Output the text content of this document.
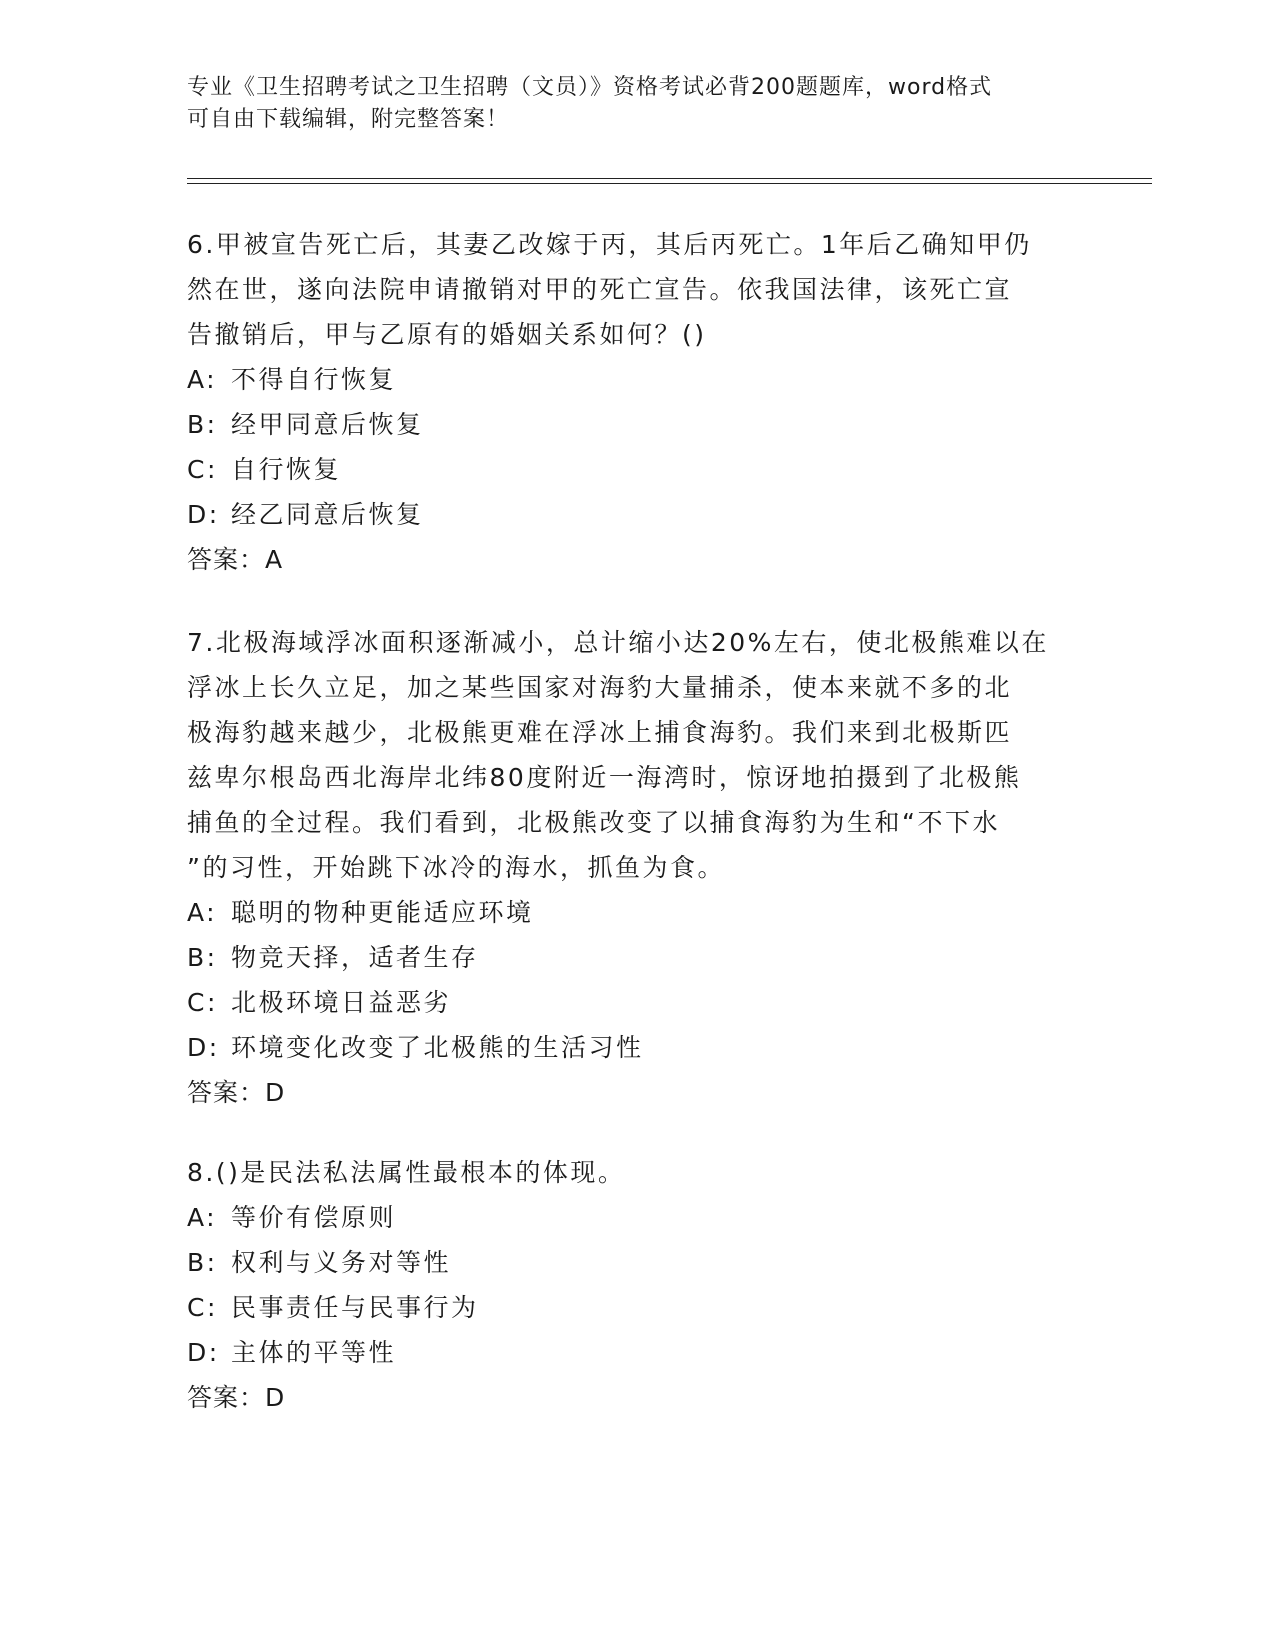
专业《卫生招聘考试之卫生招聘（文员）》资格考试必背200题题库，word格式
可自由下载编辑，附完整答案！
6.甲被宣告死亡后，其妻乙改嫁于丙，其后丙死亡。1年后乙确知甲仍
然在世，遂向法院申请撤销对甲的死亡宣告。依我国法律，该死亡宣
告撤销后，甲与乙原有的婚姻关系如何？()
A: 不得自行恢复
B: 经甲同意后恢复
C: 自行恢复
D: 经乙同意后恢复
答案：A
7.北极海域浮冰面积逐渐减小，总计缩小达20%左右，使北极熊难以在
浮冰上长久立足，加之某些国家对海豹大量捕杀，使本来就不多的北
极海豹越来越少，北极熊更难在浮冰上捕食海豹。我们来到北极斯匹
兹卑尔根岛西北海岸北纬80度附近一海湾时，惊讶地拍摄到了北极熊
捕鱼的全过程。我们看到，北极熊改变了以捕食海豹为生和“不下水
”的习性，开始跳下冰冷的海水，抓鱼为食。
A: 聪明的物种更能适应环境
B: 物竞天择，适者生存
C: 北极环境日益恶劣
D: 环境变化改变了北极熊的生活习性
答案：D
8.()是民法私法属性最根本的体现。
A: 等价有偿原则
B: 权利与义务对等性
C: 民事责任与民事行为
D: 主体的平等性
答案：D
